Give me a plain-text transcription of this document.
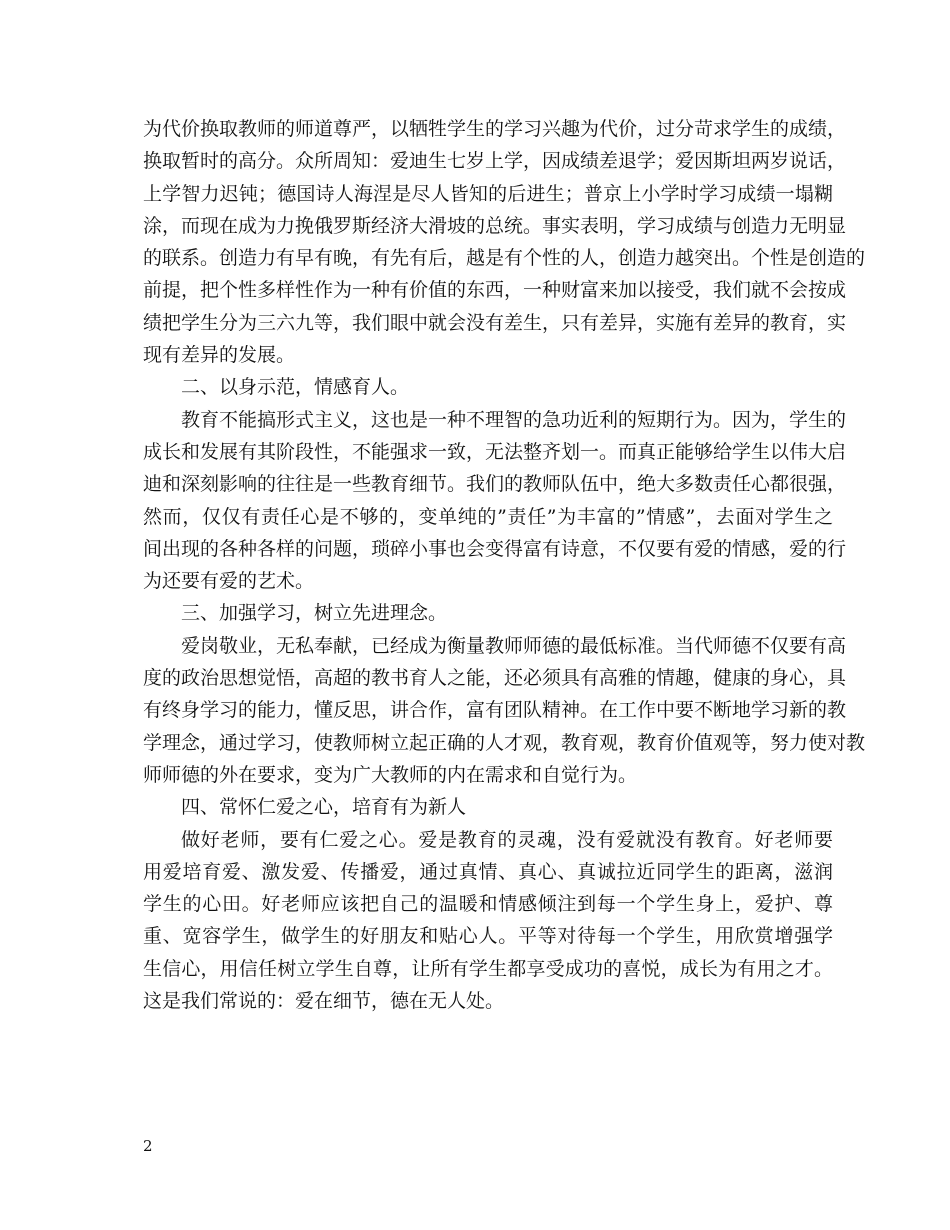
为代价换取教师的师道尊严，以牺牲学生的学习兴趣为代价，过分苛求学生的成绩，
换取暂时的高分。众所周知：爱迪生七岁上学，因成绩差退学；爱因斯坦两岁说话，
上学智力迟钝；德国诗人海涅是尽人皆知的后进生；普京上小学时学习成绩一塌糊
涂，而现在成为力挽俄罗斯经济大滑坡的总统。事实表明，学习成绩与创造力无明显
的联系。创造力有早有晚，有先有后，越是有个性的人，创造力越突出。个性是创造的
前提，把个性多样性作为一种有价值的东西，一种财富来加以接受，我们就不会按成
绩把学生分为三六九等，我们眼中就会没有差生，只有差异，实施有差异的教育，实
现有差异的发展。
二、以身示范，情感育人。
教育不能搞形式主义，这也是一种不理智的急功近利的短期行为。因为，学生的
成长和发展有其阶段性，不能强求一致，无法整齐划一。而真正能够给学生以伟大启
迪和深刻影响的往往是一些教育细节。我们的教师队伍中，绝大多数责任心都很强，
然而，仅仅有责任心是不够的，变单纯的”责任”为丰富的”情感”，去面对学生之
间出现的各种各样的问题，琐碎小事也会变得富有诗意，不仅要有爱的情感，爱的行
为还要有爱的艺术。
三、加强学习，树立先进理念。
爱岗敬业，无私奉献，已经成为衡量教师师德的最低标准。当代师德不仅要有高
度的政治思想觉悟，高超的教书育人之能，还必须具有高雅的情趣，健康的身心，具
有终身学习的能力，懂反思，讲合作，富有团队精神。在工作中要不断地学习新的教
学理念，通过学习，使教师树立起正确的人才观，教育观，教育价值观等，努力使对教
师师德的外在要求，变为广大教师的内在需求和自觉行为。
四、常怀仁爱之心，培育有为新人
做好老师，要有仁爱之心。爱是教育的灵魂，没有爱就没有教育。好老师要
用爱培育爱、激发爱、传播爱，通过真情、真心、真诚拉近同学生的距离，滋润
学生的心田。好老师应该把自己的温暖和情感倾注到每一个学生身上，爱护、尊
重、宽容学生，做学生的好朋友和贴心人。平等对待每一个学生，用欣赏增强学
生信心，用信任树立学生自尊，让所有学生都享受成功的喜悦，成长为有用之才。
这是我们常说的：爱在细节，德在无人处。
2
